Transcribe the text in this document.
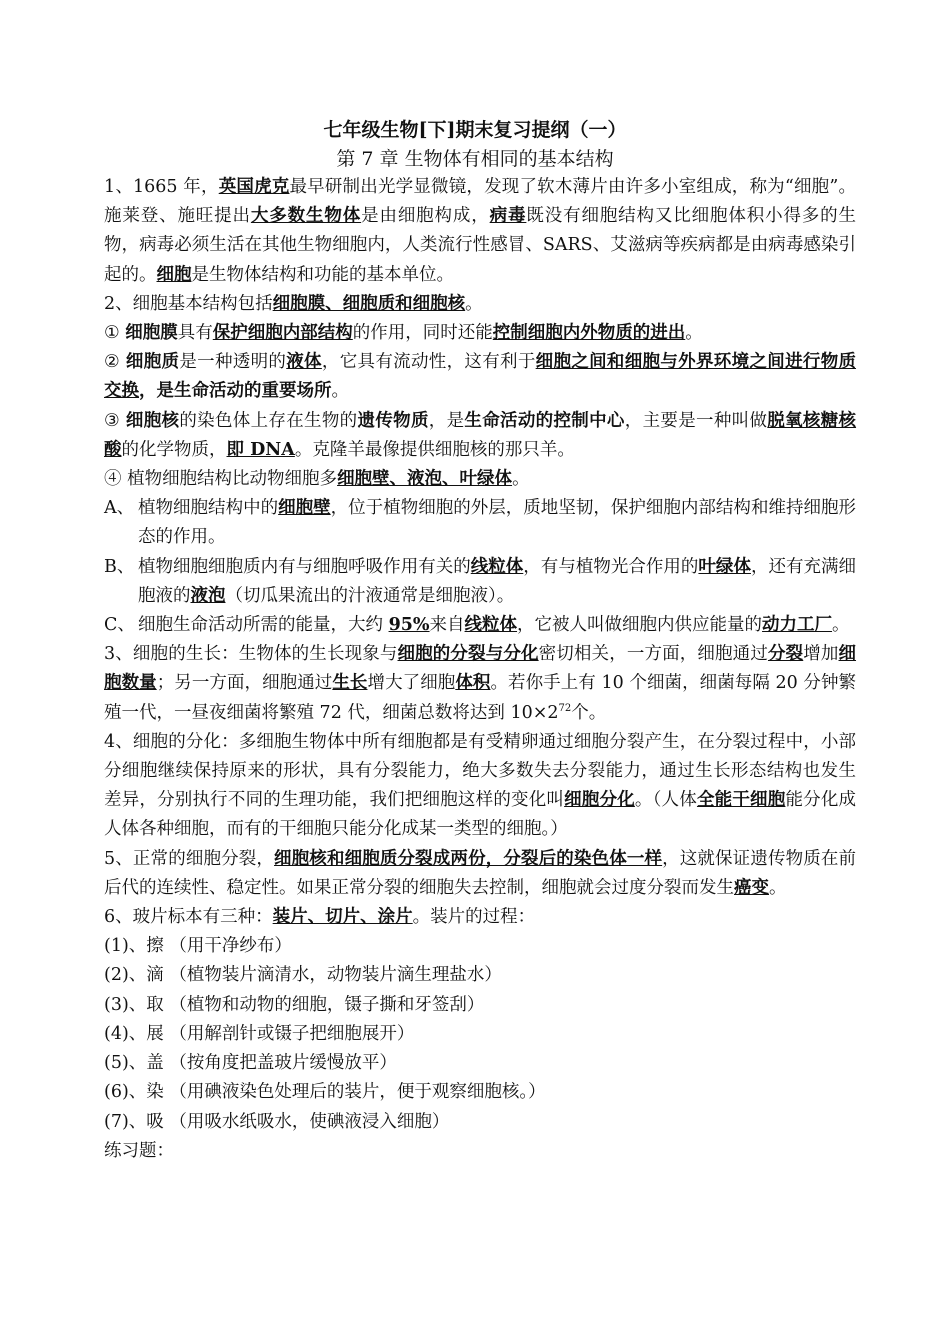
七年级生物[下]期末复习提纲（一）
第 7 章 生物体有相同的基本结构

1、1665 年，英国虎克最早研制出光学显微镜，发现了软木薄片由许多小室组成，称为“细胞”。施莱登、施旺提出大多数生物体是由细胞构成，病毒既没有细胞结构又比细胞体积小得多的生物，病毒必须生活在其他生物细胞内，人类流行性感冒、SARS、艾滋病等疾病都是由病毒感染引起的。细胞是生物体结构和功能的基本单位。

2、细胞基本结构包括细胞膜、细胞质和细胞核。

① 细胞膜具有保护细胞内部结构的作用，同时还能控制细胞内外物质的进出。

② 细胞质是一种透明的液体，它具有流动性，这有利于细胞之间和细胞与外界环境之间进行物质交换，是生命活动的重要场所。

③ 细胞核的染色体上存在生物的遗传物质，是生命活动的控制中心，主要是一种叫做脱氧核糖核酸的化学物质，即 DNA。克隆羊最像提供细胞核的那只羊。

④ 植物细胞结构比动物细胞多细胞壁、液泡、叶绿体。

A、 植物细胞结构中的细胞壁，位于植物细胞的外层，质地坚韧，保护细胞内部结构和维持细胞形态的作用。

B、 植物细胞细胞质内有与细胞呼吸作用有关的线粒体，有与植物光合作用的叶绿体，还有充满细胞液的液泡（切瓜果流出的汁液通常是细胞液）。

C、 细胞生命活动所需的能量，大约 95%来自线粒体，它被人叫做细胞内供应能量的动力工厂。

3、细胞的生长：生物体的生长现象与细胞的分裂与分化密切相关，一方面，细胞通过分裂增加细胞数量；另一方面，细胞通过生长增大了细胞体积。若你手上有 10 个细菌，细菌每隔 20 分钟繁殖一代，一昼夜细菌将繁殖 72 代，细菌总数将达到 $10\times 2^{72}$个。

4、细胞的分化：多细胞生物体中所有细胞都是有受精卵通过细胞分裂产生，在分裂过程中，小部分细胞继续保持原来的形状，具有分裂能力，绝大多数失去分裂能力，通过生长形态结构也发生差异，分别执行不同的生理功能，我们把细胞这样的变化叫细胞分化。（人体全能干细胞能分化成人体各种细胞，而有的干细胞只能分化成某一类型的细胞。）

5、正常的细胞分裂，细胞核和细胞质分裂成两份，分裂后的染色体一样，这就保证遗传物质在前后代的连续性、稳定性。如果正常分裂的细胞失去控制，细胞就会过度分裂而发生癌变。

6、玻片标本有三种：装片、切片、涂片。装片的过程：

(1)、擦 （用干净纱布）

(2)、滴 （植物装片滴清水，动物装片滴生理盐水）

(3)、取 （植物和动物的细胞，镊子撕和牙签刮）

(4)、展 （用解剖针或镊子把细胞展开）

(5)、盖 （按角度把盖玻片缓慢放平）

(6)、染 （用碘液染色处理后的装片，便于观察细胞核。）

(7)、吸 （用吸水纸吸水，使碘液浸入细胞）

练习题：
